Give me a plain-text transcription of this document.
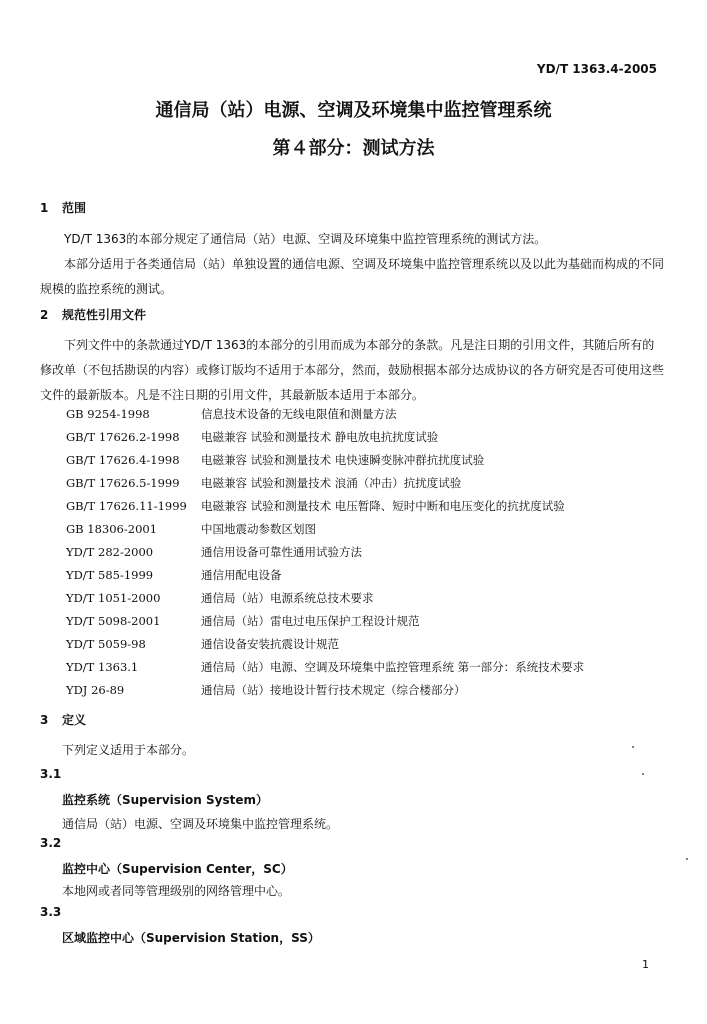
YD/T 1363.4-2005
通信局（站）电源、空调及环境集中监控管理系统
第４部分：测试方法
1 范围
YD/T 1363的本部分规定了通信局（站）电源、空调及环境集中监控管理系统的测试方法。
本部分适用于各类通信局（站）单独设置的通信电源、空调及环境集中监控管理系统以及以此为基础而构成的不同规模的监控系统的测试。
2 规范性引用文件
下列文件中的条款通过YD/T 1363的本部分的引用而成为本部分的条款。凡是注日期的引用文件，其随后所有的修改单（不包括勘误的内容）或修订版均不适用于本部分，然而，鼓励根据本部分达成协议的各方研究是否可使用这些文件的最新版本。凡是不注日期的引用文件，其最新版本适用于本部分。
GB 9254-1998	信息技术设备的无线电限值和测量方法
GB/T 17626.2-1998 电磁兼容 试验和测量技术 静电放电抗扰度试验
GB/T 17626.4-1998 电磁兼容 试验和测量技术 电快速瞬变脉冲群抗扰度试验
GB/T 17626.5-1999 电磁兼容 试验和测量技术 浪涌（冲击）抗扰度试验
GB/T 17626.11-1999 电磁兼容 试验和测量技术 电压暂降、短时中断和电压变化的抗扰度试验
GB 18306-2001	中国地震动参数区划图
YD/T 282-2000	通信用设备可靠性通用试验方法
YD/T 585-1999	通信用配电设备
YD/T 1051-2000	通信局（站）电源系统总技术要求
YD/T 5098-2001	通信局（站）雷电过电压保护工程设计规范
YD/T 5059-98	通信设备安装抗震设计规范
YD/T 1363.1	通信局（站）电源、空调及环境集中监控管理系统 第一部分：系统技术要求
YDJ 26-89	通信局（站）接地设计暂行技术规定（综合楼部分）
3 定义
下列定义适用于本部分。
3.1
监控系统（Supervision System）
通信局（站）电源、空调及环境集中监控管理系统。
3.2
监控中心（Supervision Center，SC）
本地网或者同等管理级别的网络管理中心。
3.3
区域监控中心（Supervision Station，SS）
1
